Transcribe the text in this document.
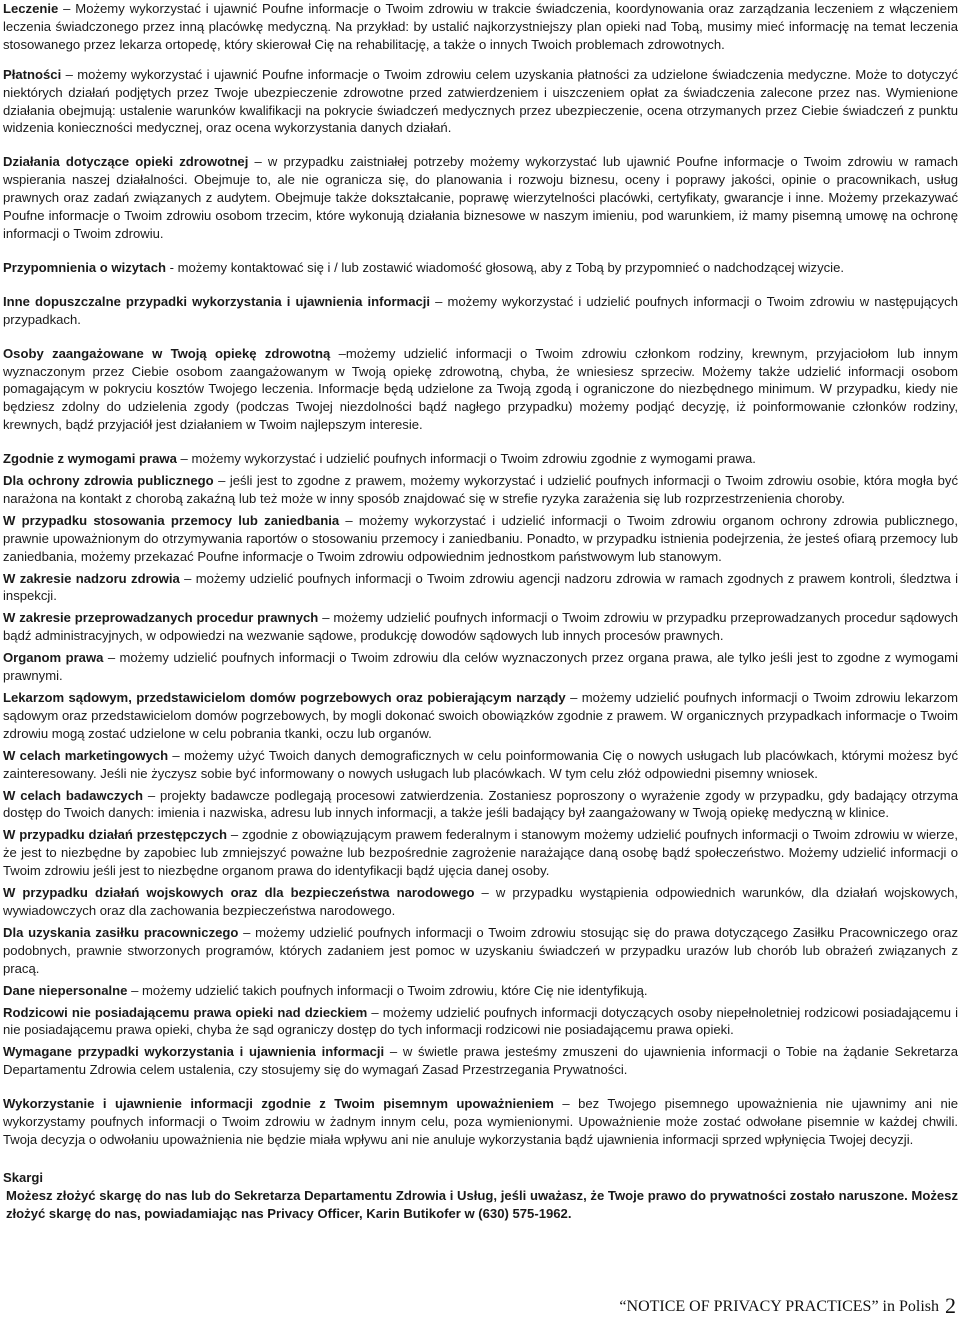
Leczenie – Możemy wykorzystać i ujawnić Poufne informacje o Twoim zdrowiu w trakcie świadczenia, koordynowania oraz zarządzania leczeniem z włączeniem leczenia świadczonego przez inną placówkę medyczną. Na przykład: by ustalić najkorzystniejszy plan opieki nad Tobą, musimy mieć informację na temat leczenia stosowanego przez lekarza ortopedę, który skierował Cię na rehabilitację, a także o innych Twoich problemach zdrowotnych.

Płatności – możemy wykorzystać i ujawnić Poufne informacje o Twoim zdrowiu celem uzyskania płatności za udzielone świadczenia medyczne. Może to dotyczyć niektórych działań podjętych przez Twoje ubezpieczenie zdrowotne przed zatwierdzeniem i uiszczeniem opłat za świadczenia zalecone przez nas. Wymienione działania obejmują: ustalenie warunków kwalifikacji na pokrycie świadczeń medycznych przez ubezpieczenie, ocena otrzymanych przez Ciebie świadczeń z punktu widzenia konieczności medycznej, oraz ocena wykorzystania danych działań.

Działania dotyczące opieki zdrowotnej – w przypadku zaistniałej potrzeby możemy wykorzystać lub ujawnić Poufne informacje o Twoim zdrowiu w ramach wspierania naszej działalności. Obejmuje to, ale nie ogranicza się, do planowania i rozwoju biznesu, oceny i poprawy jakości, opinie o pracownikach, usług prawnych oraz zadań związanych z audytem. Obejmuje także dokształcanie, poprawę wierzytelności placówki, certyfikaty, gwarancje i inne. Możemy przekazywać Poufne informacje o Twoim zdrowiu osobom trzecim, które wykonują działania biznesowe w naszym imieniu, pod warunkiem, iż mamy pisemną umowę na ochronę informacji o Twoim zdrowiu.

Przypomnienia o wizytach - możemy kontaktować się i / lub zostawić wiadomość głosową, aby z Tobą by przypomnieć o nadchodzącej wizycie.

Inne dopuszczalne przypadki wykorzystania i ujawnienia informacji – możemy wykorzystać i udzielić poufnych informacji o Twoim zdrowiu w następujących przypadkach.

Osoby zaangażowane w Twoją opiekę zdrowotną –możemy udzielić informacji o Twoim zdrowiu członkom rodziny, krewnym, przyjaciołom lub innym wyznaczonym przez Ciebie osobom zaangażowanym w Twoją opiekę zdrowotną, chyba, że wniesiesz sprzeciw. Możemy także udzielić informacji osobom pomagającym w pokryciu kosztów Twojego leczenia. Informacje będą udzielone za Twoją zgodą i ograniczone do niezbędnego minimum. W przypadku, kiedy nie będziesz zdolny do udzielenia zgody (podczas Twojej niezdolności bądź nagłego przypadku) możemy podjąć decyzję, iż poinformowanie członków rodziny, krewnych, bądź przyjaciół jest działaniem w Twoim najlepszym interesie.

Zgodnie z wymogami prawa – możemy wykorzystać i udzielić poufnych informacji o Twoim zdrowiu zgodnie z wymogami prawa.

Dla ochrony zdrowia publicznego – jeśli jest to zgodne z prawem, możemy wykorzystać i udzielić poufnych informacji o Twoim zdrowiu osobie, która mogła być narażona na kontakt z chorobą zakaźną lub też może w inny sposób znajdować się w strefie ryzyka zarażenia się lub rozprzestrzenienia choroby.

W przypadku stosowania przemocy lub zaniedbania – możemy wykorzystać i udzielić informacji o Twoim zdrowiu organom ochrony zdrowia publicznego, prawnie upoważnionym do otrzymywania raportów o stosowaniu przemocy i zaniedbaniu. Ponadto, w przypadku istnienia podejrzenia, że jesteś ofiarą przemocy lub zaniedbania, możemy przekazać Poufne informacje o Twoim zdrowiu odpowiednim jednostkom państwowym lub stanowym.

W zakresie nadzoru zdrowia – możemy udzielić poufnych informacji o Twoim zdrowiu agencji nadzoru zdrowia w ramach zgodnych z prawem kontroli, śledztwa i inspekcji.

W zakresie przeprowadzanych procedur prawnych – możemy udzielić poufnych informacji o Twoim zdrowiu w przypadku przeprowadzanych procedur sądowych bądź administracyjnych, w odpowiedzi na wezwanie sądowe, produkcję dowodów sądowych lub innych procesów prawnych.

Organom prawa – możemy udzielić poufnych informacji o Twoim zdrowiu dla celów wyznaczonych przez organa prawa, ale tylko jeśli jest to zgodne z wymogami prawnymi.

Lekarzom sądowym, przedstawicielom domów pogrzebowych oraz pobierającym narządy – możemy udzielić poufnych informacji o Twoim zdrowiu lekarzom sądowym oraz przedstawicielom domów pogrzebowych, by mogli dokonać swoich obowiązków zgodnie z prawem. W organicznych przypadkach informacje o Twoim zdrowiu mogą zostać udzielone w celu pobrania tkanki, oczu lub organów.

W celach marketingowych – możemy użyć Twoich danych demograficznych w celu poinformowania Cię o nowych usługach lub placówkach, którymi możesz być zainteresowany. Jeśli nie życzysz sobie być informowany o nowych usługach lub placówkach. W tym celu złóż odpowiedni pisemny wniosek.

W celach badawczych – projekty badawcze podlegają procesowi zatwierdzenia. Zostaniesz poproszony o wyrażenie zgody w przypadku, gdy badający otrzyma dostęp do Twoich danych: imienia i nazwiska, adresu lub innych informacji, a także jeśli badający był zaangażowany w Twoją opiekę medyczną w klinice.

W przypadku działań przestępczych – zgodnie z obowiązującym prawem federalnym i stanowym możemy udzielić poufnych informacji o Twoim zdrowiu w wierze, że jest to niezbędne by zapobiec lub zmniejszyć poważne lub bezpośrednie zagrożenie narażające daną osobę bądź społeczeństwo. Możemy udzielić informacji o Twoim zdrowiu jeśli jest to niezbędne organom prawa do identyfikacji bądź ujęcia danej osoby.

W przypadku działań wojskowych oraz dla bezpieczeństwa narodowego – w przypadku wystąpienia odpowiednich warunków, dla działań wojskowych, wywiadowczych oraz dla zachowania bezpieczeństwa narodowego.

Dla uzyskania zasiłku pracowniczego – możemy udzielić poufnych informacji o Twoim zdrowiu stosując się do prawa dotyczącego Zasiłku Pracowniczego oraz podobnych, prawnie stworzonych programów, których zadaniem jest pomoc w uzyskaniu świadczeń w przypadku urazów lub chorób lub obrażeń związanych z pracą.

Dane niepersonalne – możemy udzielić takich poufnych informacji o Twoim zdrowiu, które Cię nie identyfikują.

Rodzicowi nie posiadającemu prawa opieki nad dzieckiem – możemy udzielić poufnych informacji dotyczących osoby niepełnoletniej rodzicowi posiadającemu i nie posiadającemu prawa opieki, chyba że sąd ograniczy dostęp do tych informacji rodzicowi nie posiadającemu prawa opieki.

Wymagane przypadki wykorzystania i ujawnienia informacji – w świetle prawa jesteśmy zmuszeni do ujawnienia informacji o Tobie na żądanie Sekretarza Departamentu Zdrowia celem ustalenia, czy stosujemy się do wymagań Zasad Przestrzegania Prywatności.

Wykorzystanie i ujawnienie informacji zgodnie z Twoim pisemnym upoważnieniem – bez Twojego pisemnego upoważnienia nie ujawnimy ani nie wykorzystamy poufnych informacji o Twoim zdrowiu w żadnym innym celu, poza wymienionymi. Upoważnienie może zostać odwołane pisemnie w każdej chwili. Twoja decyzja o odwołaniu upoważnienia nie będzie miała wpływu ani nie anuluje wykorzystania bądź ujawnienia informacji sprzed wpłynięcia Twojej decyzji.

Skargi

Możesz złożyć skargę do nas lub do Sekretarza Departamentu Zdrowia i Usług, jeśli uważasz, że Twoje prawo do prywatności zostało naruszone. Możesz złożyć skargę do nas, powiadamiając nas Privacy Officer, Karin Butikofer w (630) 575-1962.

“NOTICE OF PRIVACY PRACTICES” in Polish 2
